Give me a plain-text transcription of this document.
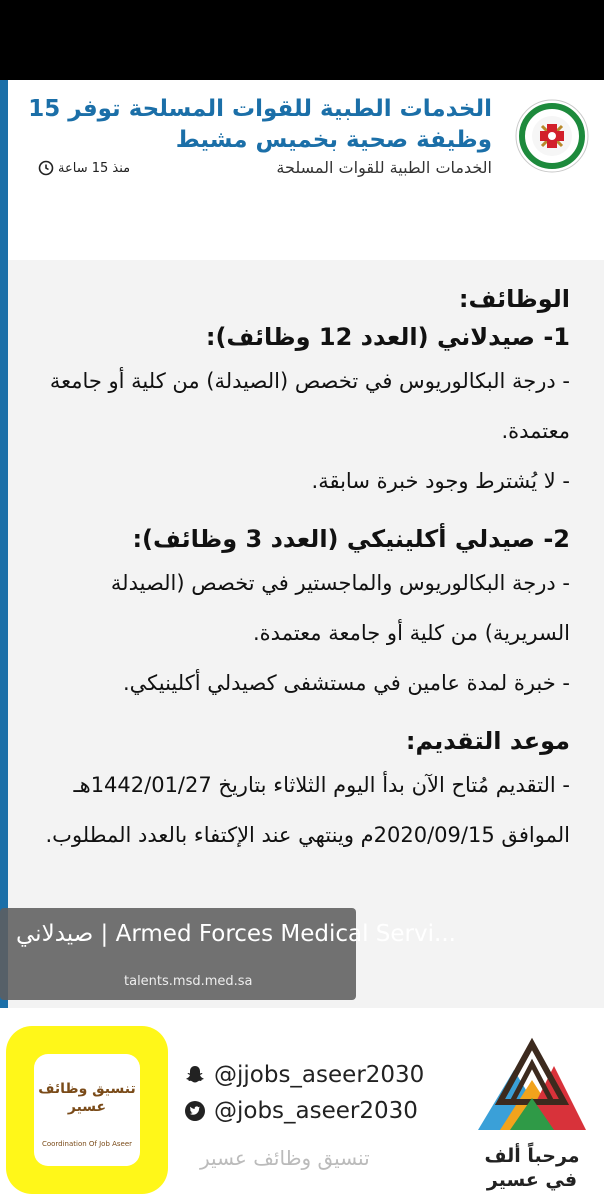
الخدمات الطبية للقوات المسلحة توفر 15 وظيفة صحية بخميس مشيط
الخدمات الطبية للقوات المسلحة
منذ 15 ساعة
الوظائف:
1- صيدلاني (العدد 12 وظائف):
- درجة البكالوريوس في تخصص (الصيدلة) من كلية أو جامعة معتمدة.
- لا يُشترط وجود خبرة سابقة.
2- صيدلي أكلينيكي (العدد 3 وظائف):
- درجة البكالوريوس والماجستير في تخصص (الصيدلة السريرية) من كلية أو جامعة معتمدة.
- خبرة لمدة عامين في مستشفى كصيدلي أكلينيكي.
موعد التقديم:
- التقديم مُتاح الآن بدأ اليوم الثلاثاء بتاريخ 1442/01/27هـ الموافق 2020/09/15م وينتهي عند الإكتفاء بالعدد المطلوب.
صيدلاني | Armed Forces Medical Servi...
talents.msd.med.sa
تنسيق وظائف عسير
Coordination Of Job Aseer
@jjobs_aseer2030
@jobs_aseer2030
تنسيق وظائف عسير	مرحباً ألف في عسير
